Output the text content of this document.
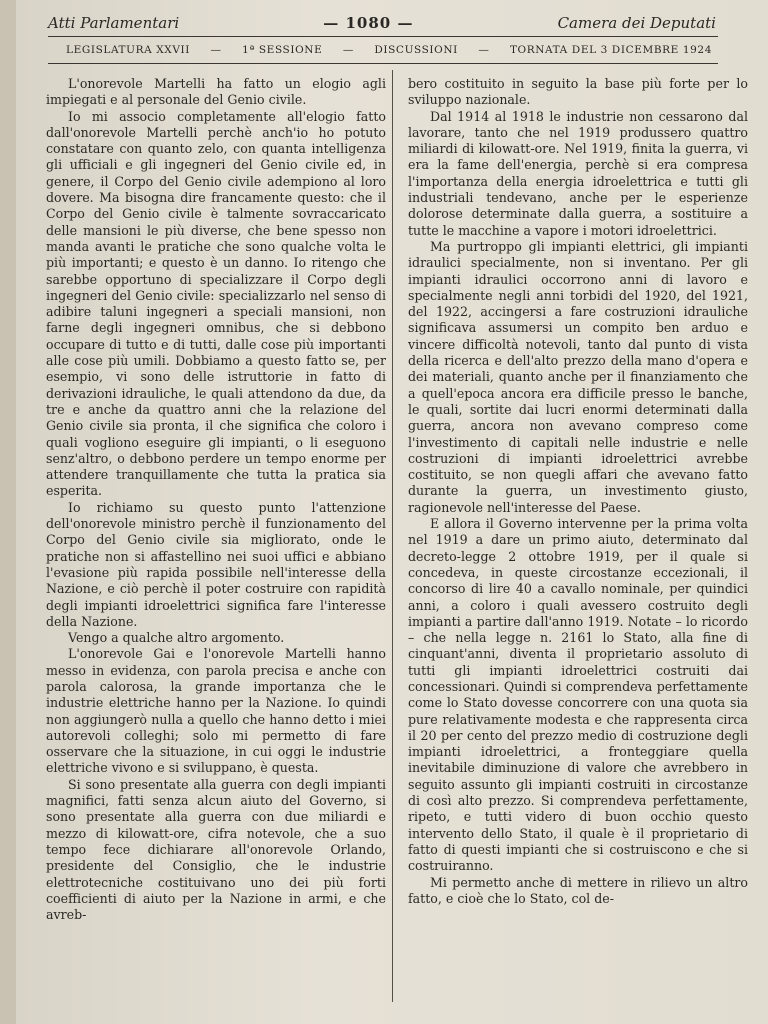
Atti Parlamentari	— 1080 —	Camera dei Deputati
LEGISLATURA XXVII — 1ª SESSIONE — DISCUSSIONI — TORNATA DEL 3 DICEMBRE 1924

L'onorevole Martelli ha fatto un elogio agli impiegati e al personale del Genio civile.

Io mi associo completamente all'elogio fatto dall'onorevole Martelli perchè anch'io ho potuto constatare con quanto zelo, con quanta intelligenza gli ufficiali e gli ingegneri del Genio civile ed, in genere, il Corpo del Genio civile adempiono al loro dovere. Ma bisogna dire francamente questo: che il Corpo del Genio civile è talmente sovraccaricato delle mansioni le più diverse, che bene spesso non manda avanti le pratiche che sono qualche volta le più importanti; e questo è un danno. Io ritengo che sarebbe opportuno di specializzare il Corpo degli ingegneri del Genio civile: specializzarlo nel senso di adibire taluni ingegneri a speciali mansioni, non farne degli ingegneri omnibus, che si debbono occupare di tutto e di tutti, dalle cose più importanti alle cose più umili. Dobbiamo a questo fatto se, per esempio, vi sono delle istruttorie in fatto di derivazioni idrauliche, le quali attendono da due, da tre e anche da quattro anni che la relazione del Genio civile sia pronta, il che significa che coloro i quali vogliono eseguire gli impianti, o li eseguono senz'altro, o debbono perdere un tempo enorme per attendere tranquillamente che tutta la pratica sia esperita.

Io richiamo su questo punto l'attenzione dell'onorevole ministro perchè il funzionamento del Corpo del Genio civile sia migliorato, onde le pratiche non si affastellino nei suoi uffici e abbiano l'evasione più rapida possibile nell'interesse della Nazione, e ciò perchè il poter costruire con rapidità degli impianti idroelettrici significa fare l'interesse della Nazione.

Vengo a qualche altro argomento.

L'onorevole Gai e l'onorevole Martelli hanno messo in evidenza, con parola precisa e anche con parola calorosa, la grande importanza che le industrie elettriche hanno per la Nazione. Io quindi non aggiungerò nulla a quello che hanno detto i miei autorevoli colleghi; solo mi permetto di fare osservare che la situazione, in cui oggi le industrie elettriche vivono e si sviluppano, è questa.

Si sono presentate alla guerra con degli impianti magnifici, fatti senza alcun aiuto del Governo, si sono presentate alla guerra con due miliardi e mezzo di kilowatt-ore, cifra notevole, che a suo tempo fece dichiarare all'onorevole Orlando, presidente del Consiglio, che le industrie elettrotecniche costituivano uno dei più forti coefficienti di aiuto per la Nazione in armi, e che avreb-

bero costituito in seguito la base più forte per lo sviluppo nazionale.

Dal 1914 al 1918 le industrie non cessarono dal lavorare, tanto che nel 1919 produssero quattro miliardi di kilowatt-ore. Nel 1919, finita la guerra, vi era la fame dell'energia, perchè si era compresa l'importanza della energia idroelettrica e tutti gli industriali tendevano, anche per le esperienze dolorose determinate dalla guerra, a sostituire a tutte le macchine a vapore i motori idroelettrici.

Ma purtroppo gli impianti elettrici, gli impianti idraulici specialmente, non si inventano. Per gli impianti idraulici occorrono anni di lavoro e specialmente negli anni torbidi del 1920, del 1921, del 1922, accingersi a fare costruzioni idrauliche significava assumersi un compito ben arduo e vincere difficoltà notevoli, tanto dal punto di vista della ricerca e dell'alto prezzo della mano d'opera e dei materiali, quanto anche per il finanziamento che a quell'epoca ancora era difficile presso le banche, le quali, sortite dai lucri enormi determinati dalla guerra, ancora non avevano compreso come l'investimento di capitali nelle industrie e nelle costruzioni di impianti idroelettrici avrebbe costituito, se non quegli affari che avevano fatto durante la guerra, un investimento giusto, ragionevole nell'interesse del Paese.

E allora il Governo intervenne per la prima volta nel 1919 a dare un primo aiuto, determinato dal decreto-legge 2 ottobre 1919, per il quale si concedeva, in queste circostanze eccezionali, il concorso di lire 40 a cavallo nominale, per quindici anni, a coloro i quali avessero costruito degli impianti a partire dall'anno 1919. Notate – lo ricordo – che nella legge n. 2161 lo Stato, alla fine di cinquant'anni, diventa il proprietario assoluto di tutti gli impianti idroelettrici costruiti dai concessionari. Quindi si comprendeva perfettamente come lo Stato dovesse concorrere con una quota sia pure relativamente modesta e che rappresenta circa il 20 per cento del prezzo medio di costruzione degli impianti idroelettrici, a fronteggiare quella inevitabile diminuzione di valore che avrebbero in seguito assunto gli impianti costruiti in circostanze di così alto prezzo. Si comprendeva perfettamente, ripeto, e tutti videro di buon occhio questo intervento dello Stato, il quale è il proprietario di fatto di questi impianti che si costruiscono e che si costruiranno.

Mi permetto anche di mettere in rilievo un altro fatto, e cioè che lo Stato, col de-
